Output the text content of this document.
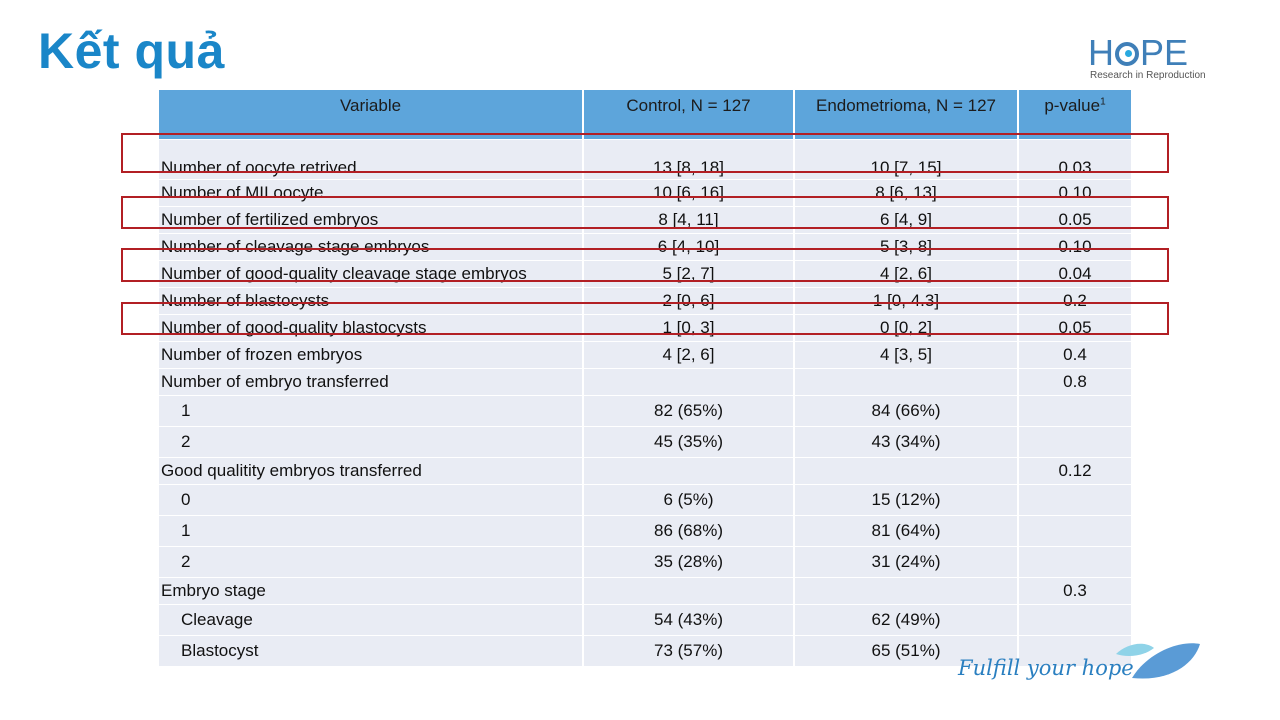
Kết quả	H PE
Research in Reproduction
Variable	Control, N = 127	Endometrioma, N = 127	p-value$^1$
Number of oocyte retrived	13 [8, 18]	10 [7, 15]	0.03
Number of MII oocyte	10 [6, 16]	8 [6, 13]	0.10
Number of fertilized embryos	8 [4, 11]	6 [4, 9]	0.05
Number of cleavage stage embryos	6 [4, 10]	5 [3, 8]	0.10
Number of good-quality cleavage stage embryos	5 [2, 7]	4 [2, 6]	0.04
Number of blastocysts	2 [0, 6]	1 [0, 4.3]	0.2
Number of good-quality blastocysts	1 [0, 3]	0 [0, 2]	0.05
Number of frozen embryos	4 [2, 6]	4 [3, 5]	0.4
Number of embryo transferred			0.8
1	82 (65%)	84 (66%)	
2	45 (35%)	43 (34%)	
Good qualitity embryos transferred			0.12
0	6 (5%)	15 (12%)	
1	86 (68%)	81 (64%)	
2	35 (28%)	31 (24%)	
Embryo stage			0.3
Cleavage	54 (43%)	62 (49%)	
Blastocyst	73 (57%)	65 (51%)	
Fulfill your hope
